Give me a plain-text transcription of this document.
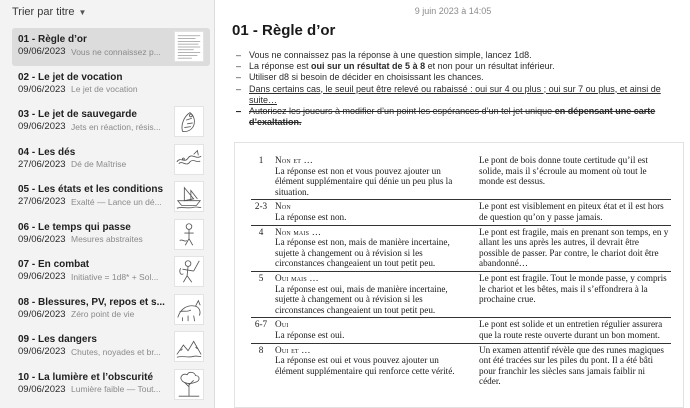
Trier par titre ▼
01 - Règle d’or
09/06/2023 Vous ne connaissez p...
02 - Le jet de vocation
09/06/2023 Le jet de vocation
03 - Le jet de sauvegarde
09/06/2023 Jets en réaction, résis...
04 - Les dés
27/06/2023 Dé de Maîtrise
05 - Les états et les conditions
27/06/2023 Exalté — Lance un dé...
06 - Le temps qui passe
09/06/2023 Mesures abstraites
07 - En combat
09/06/2023 Initiative = 1d8* + Sol...
08 - Blessures, PV, repos et s...
09/06/2023 Zéro point de vie
09 - Les dangers
09/06/2023 Chutes, noyades et br...
10 - La lumière et l’obscurité
09/06/2023 Lumière faible — Tout...
9 juin 2023 à 14:05
01 - Règle d’or
– Vous ne connaissez pas la réponse à une question simple, lancez 1d8.
– La réponse est oui sur un résultat de 5 à 8 et non pour un résultat inférieur.
– Utiliser d8 si besoin de décider en choisissant les chances.
– Dans certains cas, le seuil peut être relevé ou rabaissé : oui sur 4 ou plus ; oui sur 7 ou plus, et ainsi de suite…
– Autorisez les joueurs à modifier d’un point les espérances d’un tel jet unique en dépensant une carte d’exaltation.
1	Non et …
La réponse est non et vous pouvez ajouter un élément supplémentaire qui dénie un peu plus la situation.	Le pont de bois donne toute certitude qu’il est solide, mais il s’écroule au moment où tout le monde est dessus.
2-3	Non
La réponse est non.	Le pont est visiblement en piteux état et il est hors de question qu’on y passe jamais.
4	Non mais …
La réponse est non, mais de manière incertaine, sujette à changement ou à révision si les circonstances changeaient un tout petit peu.	Le pont est fragile, mais en prenant son temps, en y allant les uns après les autres, il devrait être possible de passer. Par contre, le chariot doit être abandonné…
5	Oui mais …
La réponse est oui, mais de manière incertaine, sujette à changement ou à révision si les circonstances changeaient un tout petit peu.	Le pont est fragile. Tout le monde passe, y compris le chariot et les bêtes, mais il s’effondrera à la prochaine crue.
6-7	Oui
La réponse est oui.	Le pont est solide et un entretien régulier assurera que la route reste ouverte durant un bon moment.
8	Oui et …
La réponse est oui et vous pouvez ajouter un élément supplémentaire qui renforce cette vérité.	Un examen attentif révèle que des runes magiques ont été tracées sur les piles du pont. Il a été bâti pour franchir les siècles sans jamais faiblir ni céder.
